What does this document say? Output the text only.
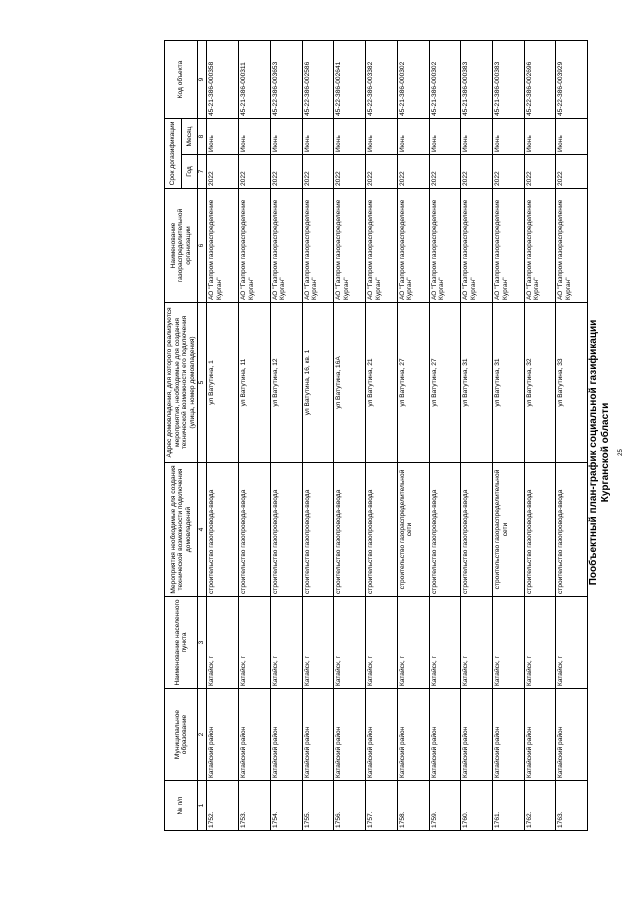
25
Пообъектный план-график социальной газификации Курганской области
№ п/п	Муниципальное образование	Наименование населенного пункта	Мероприятия необходимые для создания технической возможности подключения домовладений	Адрес домовладения, для которого реализуются мероприятия, необходимые для создания технической возможности его подключения (улица, номер домовладения)	Наименование газораспределительной организации	Срок догазификации		Код объекта
						Год	Месяц	
1	2	3	4	5	6	7	8	9
1752.	Катайский район	Катайск, г	строительство газопровода-ввода	ул Ватутина, 1	АО "Газпром газораспределение Курган"	2022	Июнь	45-21-386-000358
1753.	Катайский район	Катайск, г	строительство газопровода-ввода	ул Ватутина, 11	АО "Газпром газораспределение Курган"	2022	Июнь	45-21-386-000311
1754.	Катайский район	Катайск, г	строительство газопровода-ввода	ул Ватутина, 12	АО "Газпром газораспределение Курган"	2022	Июнь	45-22-386-003653
1755.	Катайский район	Катайск, г	строительство газопровода-ввода	ул Ватутина, 16, кв. 1	АО "Газпром газораспределение Курган"	2022	Июнь	45-22-386-002586
1756.	Катайский район	Катайск, г	строительство газопровода-ввода	ул Ватутина, 16А	АО "Газпром газораспределение Курган"	2022	Июнь	45-22-386-002641
1757.	Катайский район	Катайск, г	строительство газопровода-ввода	ул Ватутина, 21	АО "Газпром газораспределение Курган"	2022	Июнь	45-22-386-003382
1758.	Катайский район	Катайск, г	строительство газораспределительной сети	ул Ватутина, 27	АО "Газпром газораспределение Курган"	2022	Июнь	45-21-386-000302
1759.	Катайский район	Катайск, г	строительство газопровода-ввода	ул Ватутина, 27	АО "Газпром газораспределение Курган"	2022	Июнь	45-21-386-000302
1760.	Катайский район	Катайск, г	строительство газопровода-ввода	ул Ватутина, 31	АО "Газпром газораспределение Курган"	2022	Июнь	45-21-386-000383
1761.	Катайский район	Катайск, г	строительство газораспределительной сети	ул Ватутина, 31	АО "Газпром газораспределение Курган"	2022	Июнь	45-21-386-000383
1762.	Катайский район	Катайск, г	строительство газопровода-ввода	ул Ватутина, 32	АО "Газпром газораспределение Курган"	2022	Июнь	45-22-386-002696
1763.	Катайский район	Катайск, г	строительство газопровода-ввода	ул Ватутина, 33	АО "Газпром газораспределение Курган"	2022	Июнь	45-22-386-003929
